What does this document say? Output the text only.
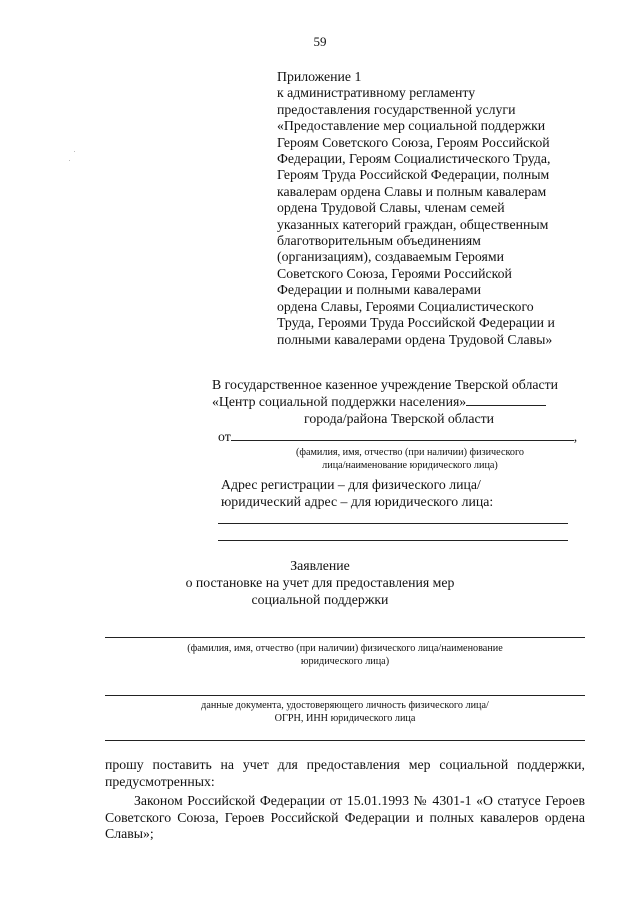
59
Приложение 1
к административному регламенту
предоставления государственной услуги
«Предоставление мер социальной поддержки
Героям Советского Союза, Героям Российской
Федерации, Героям Социалистического Труда,
Героям Труда Российской Федерации, полным
кавалерам ордена Славы и полным кавалерам
ордена Трудовой Славы, членам семей
указанных категорий граждан, общественным
благотворительным объединениям
(организациям), создаваемым Героями
Советского Союза, Героями Российской
Федерации и полными кавалерами
ордена Славы, Героями Социалистического
Труда, Героями Труда Российской Федерации и
полными кавалерами ордена Трудовой Славы»
В государственное казенное учреждение Тверской области
«Центр социальной поддержки населения»
города/района Тверской области
от	,
(фамилия, имя, отчество (при наличии) физического
лица/наименование юридического лица)
Адрес регистрации – для физического лица/
юридический адрес – для юридического лица:
Заявление
о постановке на учет для предоставления мер
социальной поддержки
(фамилия, имя, отчество (при наличии) физического лица/наименование
юридического лица)
данные документа, удостоверяющего личность физического лица/
ОГРН, ИНН юридического лица
прошу поставить на учет для предоставления мер социальной поддержки, предусмотренных:
Законом Российской Федерации от 15.01.1993 № 4301-1 «О статусе Героев Советского Союза, Героев Российской Федерации и полных кавалеров ордена Славы»;
